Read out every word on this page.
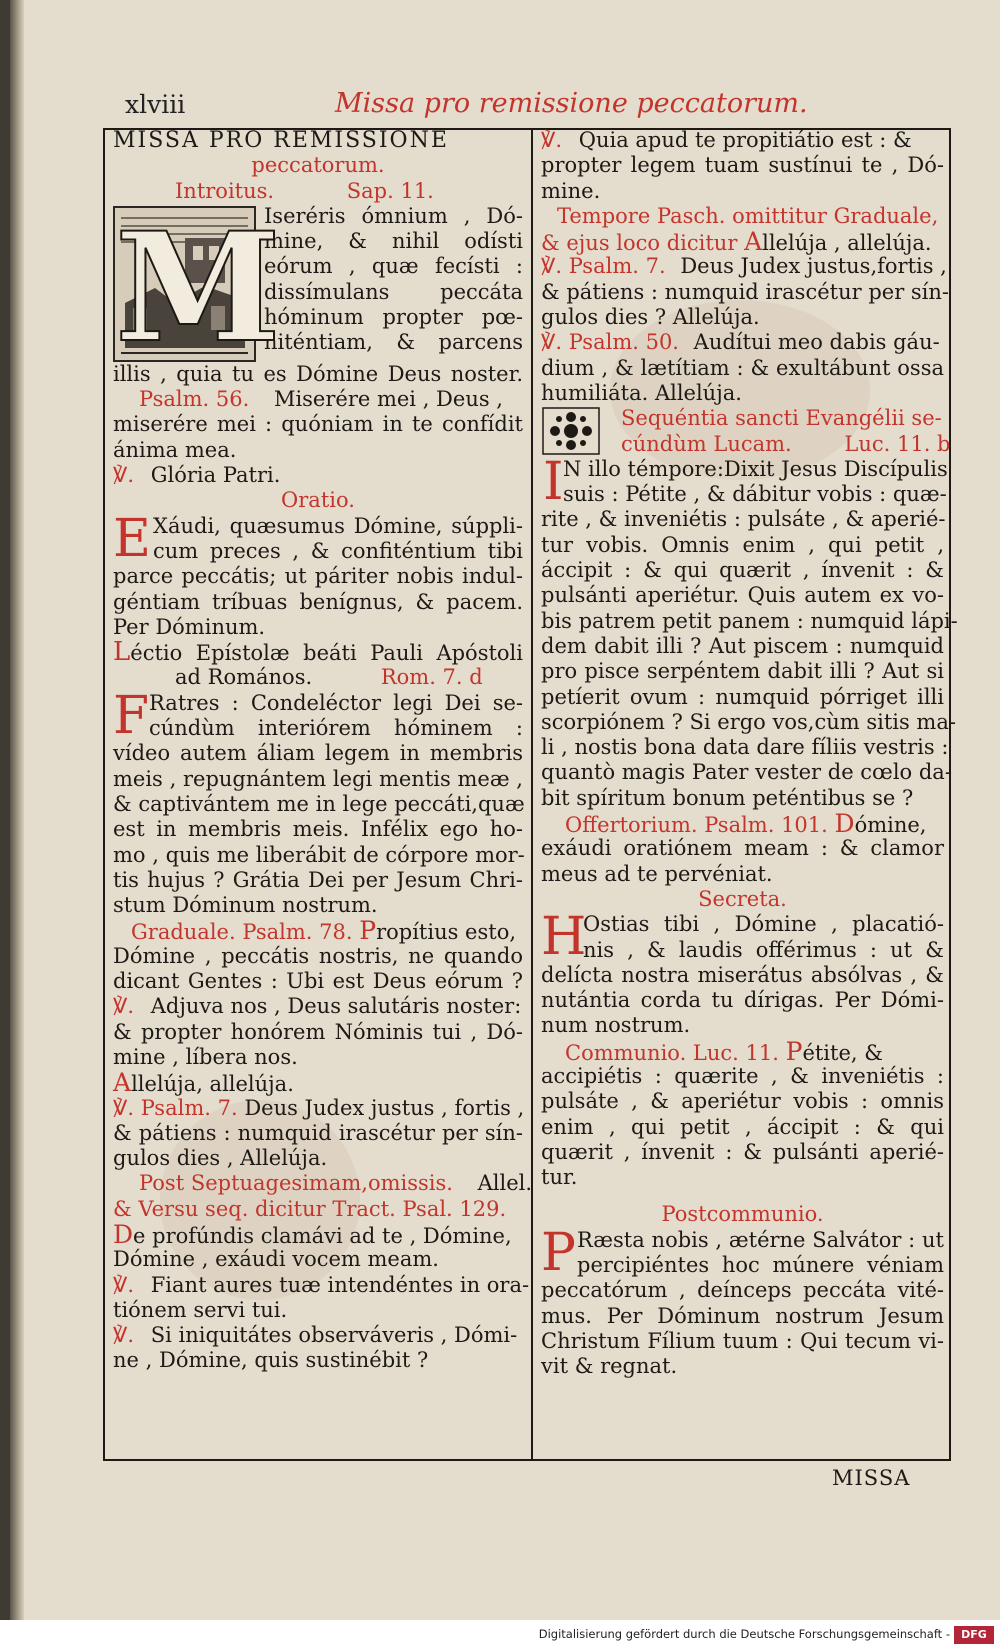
xlviii	Missa pro remissione peccatorum.
MISSA PRO REMISSIONE
peccatorum.
Introitus.	Sap. 11.
M
Iseréris ómnium , Dó-
mine, & nihil odísti
eórum , quæ fecísti :
dissímulans peccáta
hóminum propter pœ-
niténtiam, & parcens
illis , quia tu es Dómine Deus noster.
Psalm. 56. Miserére mei , Deus ,
miserére mei : quóniam in te confídit
ánima mea.
℣. Glória Patri.
Oratio.
E Xáudi, quæsumus Dómine, súppli-
cum preces , & confiténtium tibi
parce peccátis; ut páriter nobis indul-
géntiam tríbuas benígnus, & pacem.
Per Dóminum.
Léctio Epístolæ beáti Pauli Apóstoli
ad Romános.	Rom. 7. d
F Ratres : Condeléctor legi Dei se-
cúndùm interiórem hóminem :
vídeo autem áliam legem in membris
meis , repugnántem legi mentis meæ ,
& captivántem me in lege peccáti,quæ
est in membris meis. Infélix ego ho-
mo , quis me liberábit de córpore mor-
tis hujus ? Grátia Dei per Jesum Chri-
stum Dóminum nostrum.
Graduale. Psalm. 78. Propítius esto,
Dómine , peccátis nostris, ne quando
dicant Gentes : Ubi est Deus eórum ?
℣. Adjuva nos , Deus salutáris noster:
& propter honórem Nóminis tui , Dó-
mine , líbera nos.
Allelúja, allelúja.
℣. Psalm. 7. Deus Judex justus , fortis ,
& pátiens : numquid irascétur per sín-
gulos dies , Allelúja.
Post Septuagesimam,omissis. Allel.
& Versu seq. dicitur Tract. Psal. 129.
De profúndis clamávi ad te , Dómine,
Dómine , exáudi vocem meam.
℣. Fiant aures tuæ intendéntes in ora-
tiónem servi tui.
℣. Si iniquitátes observáveris , Dómi-
ne , Dómine, quis sustinébit ?
℣. Quia apud te propitiátio est : &
propter legem tuam sustínui te , Dó-
mine.
Tempore Pasch. omittitur Graduale,
& ejus loco dicitur Allelúja , allelúja.
℣. Psalm. 7. Deus Judex justus,fortis ,
& pátiens : numquid irascétur per sín-
gulos dies ? Allelúja.
℣. Psalm. 50. Audítui meo dabis gáu-
dium , & lætítiam : & exultábunt ossa
humiliáta. Allelúja.
Sequéntia sancti Evangélii se-
cúndùm Lucam.	Luc. 11. b
I N illo témpore:Dixit Jesus Discípulis
suis : Pétite , & dábitur vobis : quæ-
rite , & inveniétis : pulsáte , & aperié-
tur vobis. Omnis enim , qui petit ,
áccipit : & qui quærit , ínvenit : &
pulsánti aperiétur. Quis autem ex vo-
bis patrem petit panem : numquid lápi-
dem dabit illi ? Aut piscem : numquid
pro pisce serpéntem dabit illi ? Aut si
petíerit ovum : numquid pórriget illi
scorpiónem ? Si ergo vos,cùm sitis ma-
li , nostis bona data dare fíliis vestris :
quantò magis Pater vester de cœlo da-
bit spíritum bonum peténtibus se ?
Offertorium. Psalm. 101. Dómine,
exáudi oratiónem meam : & clamor
meus ad te pervéniat.
Secreta.
H
Ostias tibi , Dómine , placatió-
nis , & laudis offérimus : ut &
delícta nostra miserátus absólvas , &
nutántia corda tu dírigas. Per Dómi-
num nostrum.
Communio. Luc. 11. Pétite, &
accipiétis : quærite , & inveniétis :
pulsáte , & aperiétur vobis : omnis
enim , qui petit , áccipit : & qui
quærit , ínvenit : & pulsánti aperié-
tur.
Postcommunio.
P Ræsta nobis , ætérne Salvátor : ut
percipiéntes hoc múnere véniam
peccatórum , deínceps peccáta vité-
mus. Per Dóminum nostrum Jesum
Christum Fílium tuum : Qui tecum vi-
vit & regnat.
MISSA
Digitalisierung gefördert durch die Deutsche Forschungsgemeinschaft -	DFG
